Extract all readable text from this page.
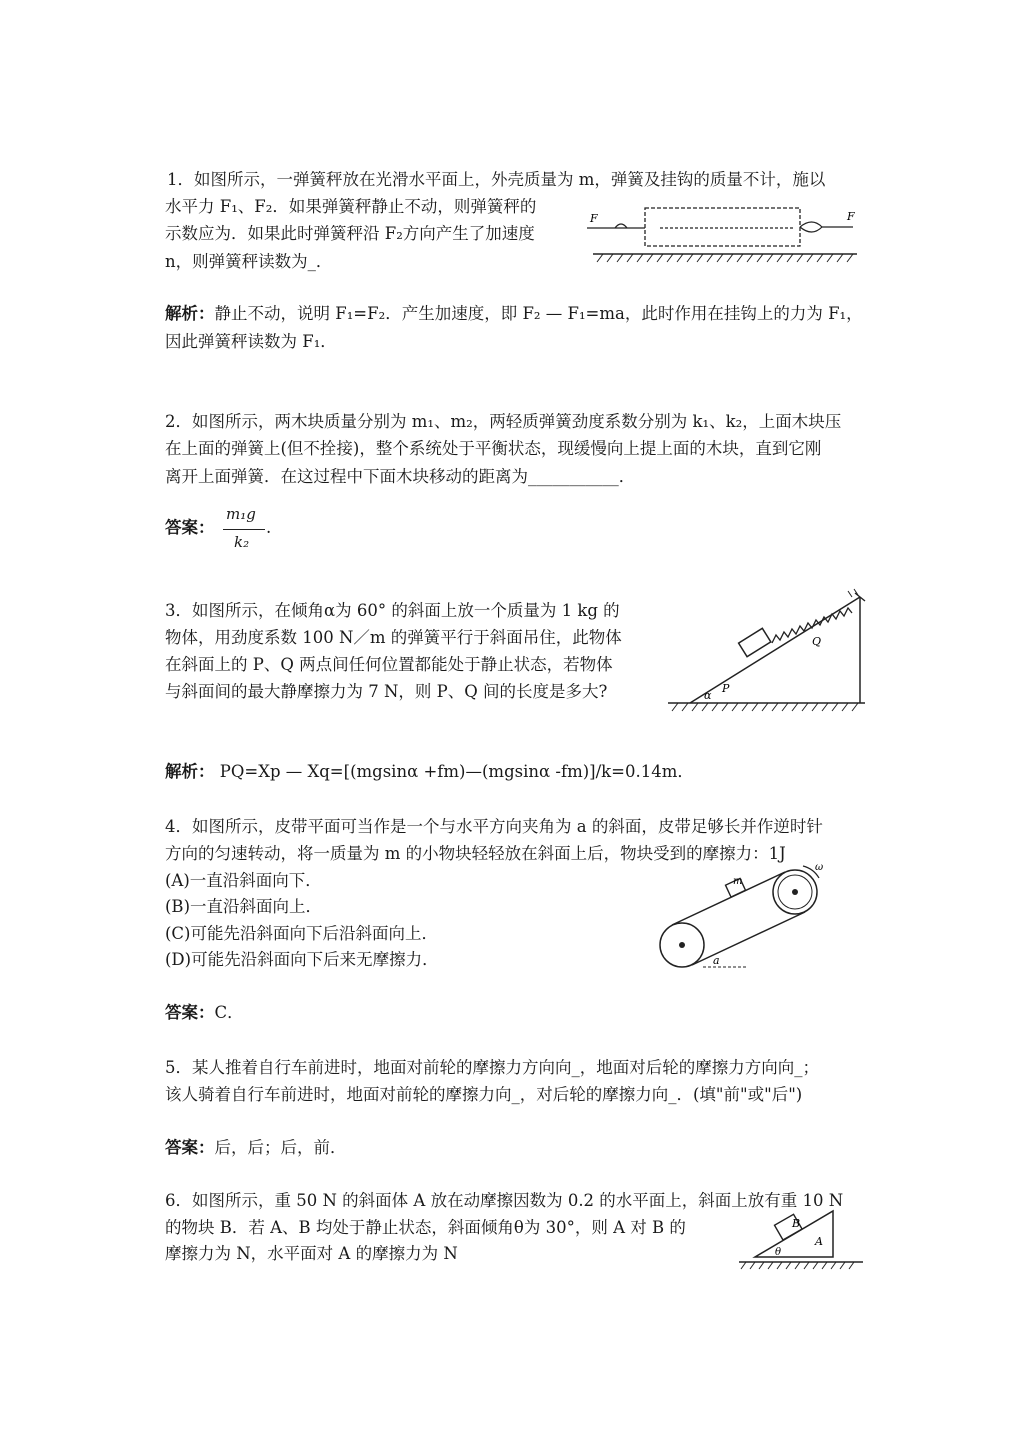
1．如图所示，一弹簧秤放在光滑水平面上，外壳质量为 m，弹簧及挂钩的质量不计，施以
水平力 F₁、F₂．如果弹簧秤静止不动，则弹簧秤的
示数应为．如果此时弹簧秤沿 F₂方向产生了加速度
n，则弹簧秤读数为_．
F	F
解析：静止不动，说明 F₁=F₂．产生加速度，即 F₂ — F₁=ma，此时作用在挂钩上的力为 F₁，
因此弹簧秤读数为 F₁．
2．如图所示，两木块质量分别为 m₁、m₂，两轻质弹簧劲度系数分别为 k₁、k₂，上面木块压
在上面的弹簧上(但不拴接)，整个系统处于平衡状态，现缓慢向上提上面的木块，直到它刚
离开上面弹簧．在这过程中下面木块移动的距离为___________．
答案：
m₁g
k₂
.
3．如图所示，在倾角α为 60° 的斜面上放一个质量为 1 kg 的
物体，用劲度系数 100 N／m 的弹簧平行于斜面吊住，此物体
在斜面上的 P、Q 两点间任何位置都能处于静止状态，若物体
与斜面间的最大静摩擦力为 7 N，则 P、Q 间的长度是多大?
Q
P
α
解析： PQ=Xp — Xq=[(mgsinα +fm)—(mgsinα -fm)]/k=0.14m．
4．如图所示，皮带平面可当作是一个与水平方向夹角为 a 的斜面，皮带足够长并作逆时针
方向的匀速转动，将一质量为 m 的小物块轻轻放在斜面上后，物块受到的摩擦力：1J
(A)一直沿斜面向下．
(B)一直沿斜面向上．
(C)可能先沿斜面向下后沿斜面向上．
(D)可能先沿斜面向下后来无摩擦力．
ω
m
a
答案：C．
5．某人推着自行车前进时，地面对前轮的摩擦力方向向_，地面对后轮的摩擦力方向向_；
该人骑着自行车前进时，地面对前轮的摩擦力向_，对后轮的摩擦力向_．(填"前"或"后")
答案：后，后；后，前．
6．如图所示，重 50 N 的斜面体 A 放在动摩擦因数为 0.2 的水平面上，斜面上放有重 10 N
的物块 B．若 A、B 均处于静止状态，斜面倾角θ为 30°，则 A 对 B 的
摩擦力为 N，水平面对 A 的摩擦力为 N
B
A
θ
